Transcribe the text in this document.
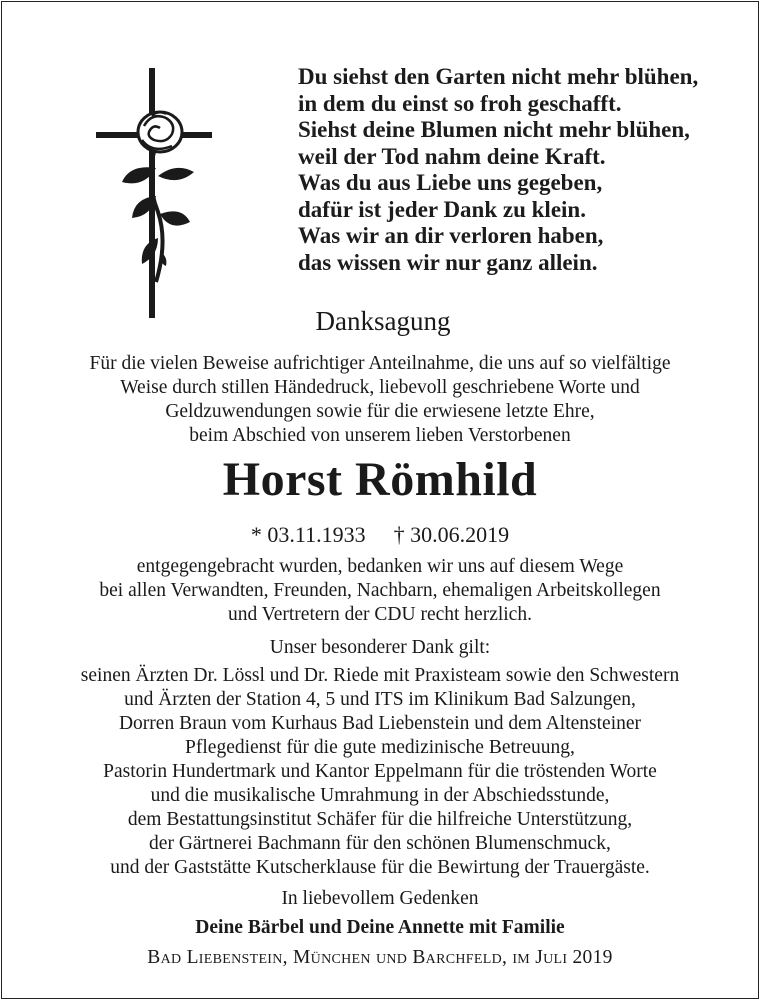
Du siehst den Garten nicht mehr blühen,
in dem du einst so froh geschafft.
Siehst deine Blumen nicht mehr blühen,
weil der Tod nahm deine Kraft.
Was du aus Liebe uns gegeben,
dafür ist jeder Dank zu klein.
Was wir an dir verloren haben,
das wissen wir nur ganz allein.
Danksagung
Für die vielen Beweise aufrichtiger Anteilnahme, die uns auf so vielfältige
Weise durch stillen Händedruck, liebevoll geschriebene Worte und
Geldzuwendungen sowie für die erwiesene letzte Ehre,
beim Abschied von unserem lieben Verstorbenen
Horst Römhild
* 03.11.1933 † 30.06.2019
entgegengebracht wurden, bedanken wir uns auf diesem Wege
bei allen Verwandten, Freunden, Nachbarn, ehemaligen Arbeitskollegen
und Vertretern der CDU recht herzlich.
Unser besonderer Dank gilt:
seinen Ärzten Dr. Lössl und Dr. Riede mit Praxisteam sowie den Schwestern
und Ärzten der Station 4, 5 und ITS im Klinikum Bad Salzungen,
Dorren Braun vom Kurhaus Bad Liebenstein und dem Altensteiner
Pflegedienst für die gute medizinische Betreuung,
Pastorin Hundertmark und Kantor Eppelmann für die tröstenden Worte
und die musikalische Umrahmung in der Abschiedsstunde,
dem Bestattungsinstitut Schäfer für die hilfreiche Unterstützung,
der Gärtnerei Bachmann für den schönen Blumenschmuck,
und der Gaststätte Kutscherklause für die Bewirtung der Trauergäste.
In liebevollem Gedenken
Deine Bärbel und Deine Annette mit Familie
Bad Liebenstein, München und Barchfeld, im Juli 2019
